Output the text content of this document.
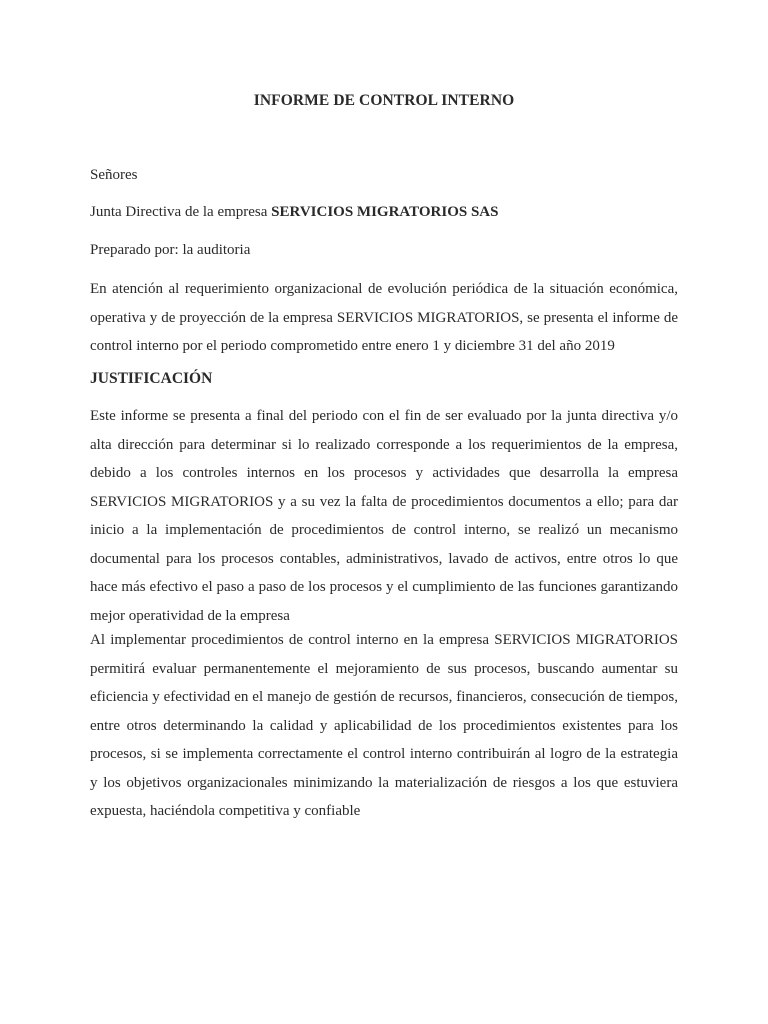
INFORME DE CONTROL INTERNO
Señores
Junta Directiva de la empresa SERVICIOS MIGRATORIOS SAS
Preparado por: la auditoria
En atención al requerimiento organizacional de evolución periódica de la situación económica, operativa y de proyección de la empresa SERVICIOS MIGRATORIOS, se presenta el informe de control interno por el periodo comprometido entre enero 1 y diciembre 31 del año 2019
JUSTIFICACIÓN
Este informe se presenta a final del periodo con el fin de ser evaluado por la junta directiva y/o alta dirección para determinar si lo realizado corresponde a los requerimientos de la empresa, debido a los controles internos en los procesos y actividades que desarrolla la empresa SERVICIOS MIGRATORIOS y a su vez la falta de procedimientos documentos a ello; para dar inicio a la implementación de procedimientos de control interno, se realizó un mecanismo documental para los procesos contables, administrativos, lavado de activos, entre otros lo que hace más efectivo el paso a paso de los procesos y el cumplimiento de las funciones garantizando mejor operatividad de la empresa
Al implementar procedimientos de control interno en la empresa SERVICIOS MIGRATORIOS permitirá evaluar permanentemente el mejoramiento de sus procesos, buscando aumentar su eficiencia y efectividad en el manejo de gestión de recursos, financieros, consecución de tiempos, entre otros determinando la calidad y aplicabilidad de los procedimientos existentes para los procesos, si se implementa correctamente el control interno contribuirán al logro de la estrategia y los objetivos organizacionales minimizando la materialización de riesgos a los que estuviera expuesta, haciéndola competitiva y confiable
